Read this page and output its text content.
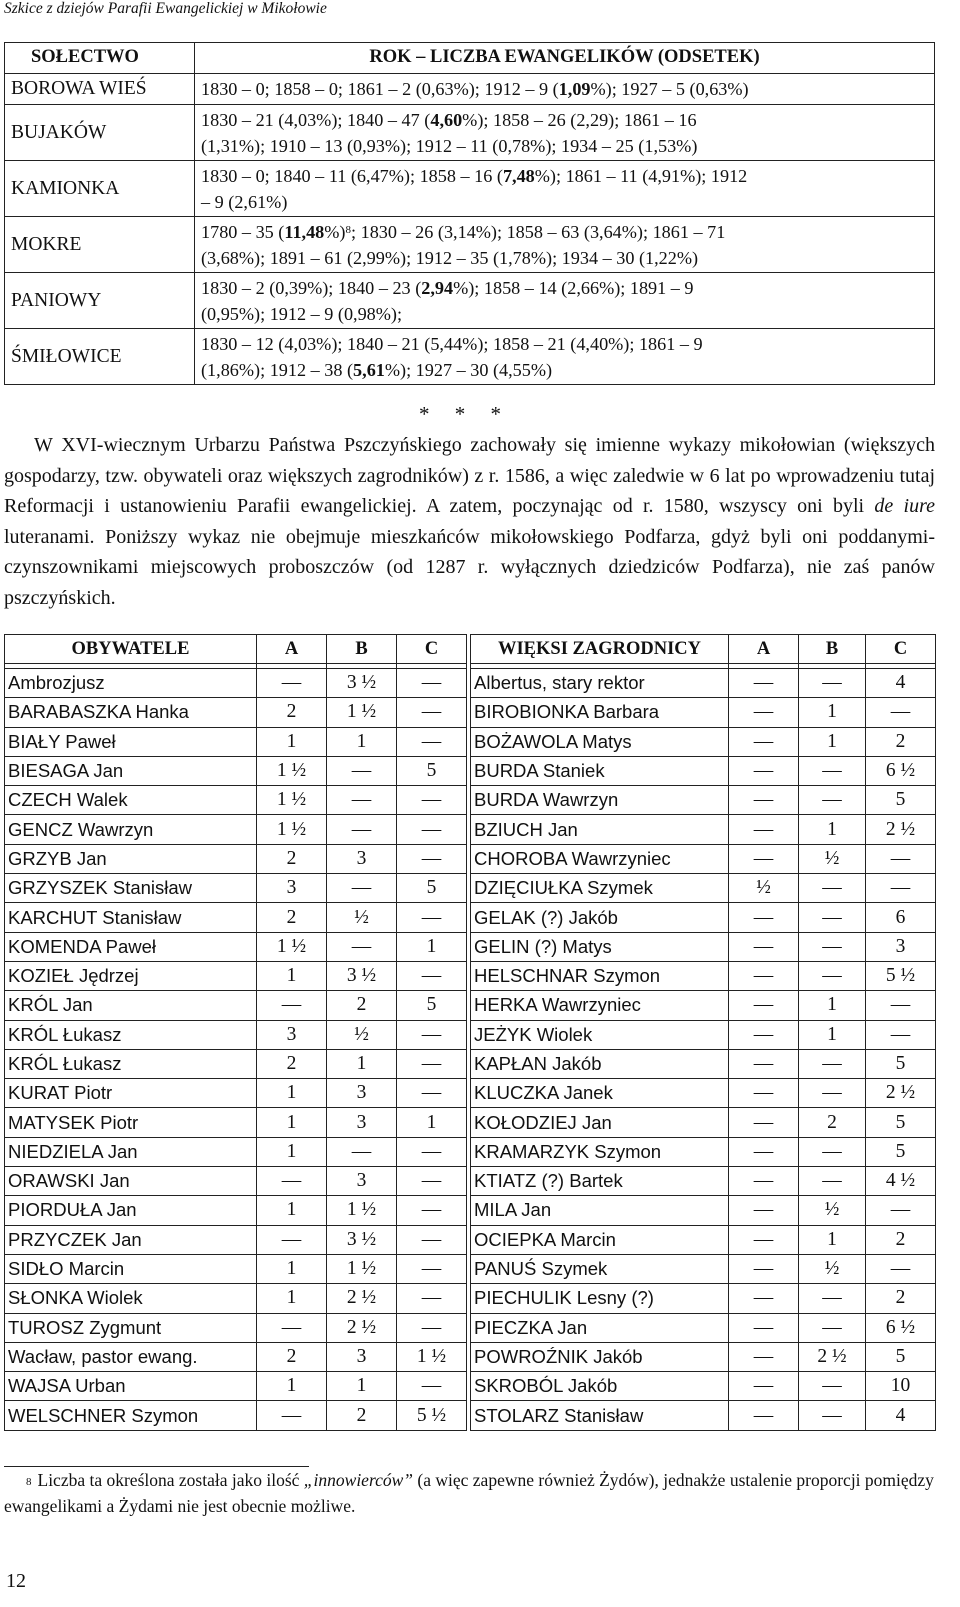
Szkice z dziejów Parafii Ewangelickiej w Mikołowie
SOŁECTWO	ROK – LICZBA EWANGELIKÓW (ODSETEK)
BOROWA WIEŚ	1830 – 0; 1858 – 0; 1861 – 2 (0,63%); 1912 – 9 (1,09%); 1927 – 5 (0,63%)
BUJAKÓW	1830 – 21 (4,03%); 1840 – 47 (4,60%); 1858 – 26 (2,29); 1861 – 16
(1,31%); 1910 – 13 (0,93%); 1912 – 11 (0,78%); 1934 – 25 (1,53%)
KAMIONKA	1830 – 0; 1840 – 11 (6,47%); 1858 – 16 (7,48%); 1861 – 11 (4,91%); 1912
– 9 (2,61%)
MOKRE	1780 – 35 $(11,48\%)^8$; 1830 – 26 (3,14%); 1858 – 63 (3,64%); 1861 – 71
(3,68%); 1891 – 61 (2,99%); 1912 – 35 (1,78%); 1934 – 30 (1,22%)
PANIOWY	1830 – 2 (0,39%); 1840 – 23 (2,94%); 1858 – 14 (2,66%); 1891 – 9
(0,95%); 1912 – 9 (0,98%);
ŚMIŁOWICE	1830 – 12 (4,03%); 1840 – 21 (5,44%); 1858 – 21 (4,40%); 1861 – 9
(1,86%); 1912 – 38 (5,61%); 1927 – 30 (4,55%)
* * *

W XVI-wiecznym Urbarzu Państwa Pszczyńskiego zachowały się imienne wykazy mikołowian (większych gospodarzy, tzw. obywateli oraz większych zagrodników) z r. 1586, a więc zaledwie w 6 lat po wprowadzeniu tutaj Reformacji i ustanowieniu Parafii ewangelickiej. A zatem, poczynając od r. 1580, wszyscy oni byli de iure luteranami. Poniższy wykaz nie obejmuje mieszkańców mikołowskiego Podfarza, gdyż byli oni poddanymi-czynszownikami miejscowych proboszczów (od 1287 r. wyłącznych dziedziców Podfarza), nie zaś panów pszczyńskich.

OBYWATELE	A	B	C

Ambrozjusz	—	3 ½	—
BARABASZKA Hanka	2	1 ½	—
BIAŁY Paweł	1	1	—
BIESAGA Jan	1 ½	—	5
CZECH Walek	1 ½	—	—
GENCZ Wawrzyn	1 ½	—	—
GRZYB Jan	2	3	—
GRZYSZEK Stanisław	3	—	5
KARCHUT Stanisław	2	½	—
KOMENDA Paweł	1 ½	—	1
KOZIEŁ Jędrzej	1	3 ½	—
KRÓL Jan	—	2	5
KRÓL Łukasz	3	½	—
KRÓL Łukasz	2	1	—
KURAT Piotr	1	3	—
MATYSEK Piotr	1	3	1
NIEDZIELA Jan	1	—	—
ORAWSKI Jan	—	3	—
PIORDUŁA Jan	1	1 ½	—
PRZYCZEK Jan	—	3 ½	—
SIDŁO Marcin	1	1 ½	—
SŁONKA Wiolek	1	2 ½	—
TUROSZ Zygmunt	—	2 ½	—
Wacław, pastor ewang.	2	3	1 ½
WAJSA Urban	1	1	—
WELSCHNER Szymon	—	2	5 ½
WIĘKSI ZAGRODNICY	A	B	C

Albertus, stary rektor	—	—	4
BIROBIONKA Barbara	—	1	—
BOŻAWOLA Matys	—	1	2
BURDA Staniek	—	—	6 ½
BURDA Wawrzyn	—	—	5
BZIUCH Jan	—	1	2 ½
CHOROBA Wawrzyniec	—	½	—
DZIĘCIUŁKA Szymek	½	—	—
GELAK (?) Jakób	—	—	6
GELIN (?) Matys	—	—	3
HELSCHNAR Szymon	—	—	5 ½
HERKA Wawrzyniec	—	1	—
JEŻYK Wiolek	—	1	—
KAPŁAN Jakób	—	—	5
KLUCZKA Janek	—	—	2 ½
KOŁODZIEJ Jan	—	2	5
KRAMARZYK Szymon	—	—	5
KTIATZ (?) Bartek	—	—	4 ½
MILA Jan	—	½	—
OCIEPKA Marcin	—	1	2
PANUŚ Szymek	—	½	—
PIECHULIK Lesny (?)	—	—	2
PIECZKA Jan	—	—	6 ½
POWROŹNIK Jakób	—	2 ½	5
SKROBÓL Jakób	—	—	10
STOLARZ Stanisław	—	—	4
$^8$ Liczba ta określona została jako ilość „innowierców” (a więc zapewne również Żydów), jednakże ustalenie proporcji pomiędzy ewangelikami a Żydami nie jest obecnie możliwe.
12
